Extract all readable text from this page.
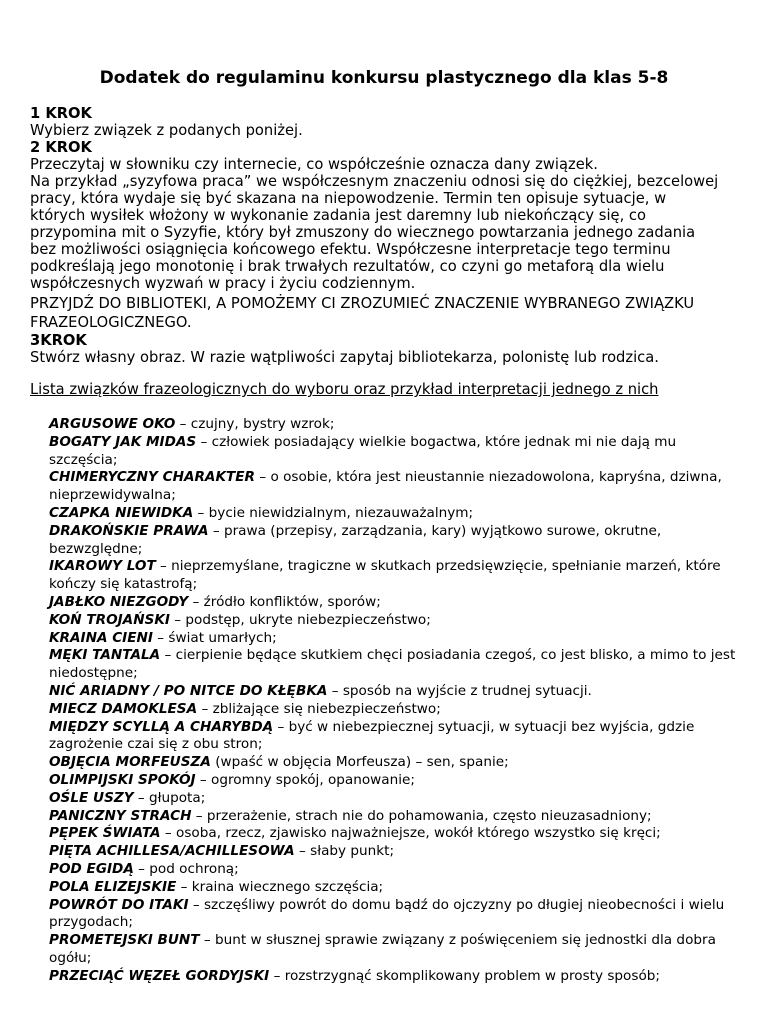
Dodatek do regulaminu konkursu plastycznego dla klas 5-8

1 KROK

Wybierz związek z podanych poniżej.

2 KROK

Przeczytaj w słowniku czy internecie, co współcześnie oznacza dany związek.

Na przykład „syzyfowa praca” we współczesnym znaczeniu odnosi się do ciężkiej, bezcelowej pracy, która wydaje się być skazana na niepowodzenie. Termin ten opisuje sytuacje, w których wysiłek włożony w wykonanie zadania jest daremny lub niekończący się, co przypomina mit o Syzyfie, który był zmuszony do wiecznego powtarzania jednego zadania bez możliwości osiągnięcia końcowego efektu. Współczesne interpretacje tego terminu podkreślają jego monotonię i brak trwałych rezultatów, co czyni go metaforą dla wielu współczesnych wyzwań w pracy i życiu codziennym.

PRZYJDŹ DO BIBLIOTEKI, A POMOŻEMY CI ZROZUMIEĆ ZNACZENIE WYBRANEGO ZWIĄZKU FRAZEOLOGICZNEGO.

3KROK

Stwórz własny obraz. W razie wątpliwości zapytaj bibliotekarza, polonistę lub rodzica.

Lista związków frazeologicznych do wyboru oraz przykład interpretacji jednego z nich

ARGUSOWE OKO – czujny, bystry wzrok;
BOGATY JAK MIDAS – człowiek posiadający wielkie bogactwa, które jednak mi nie dają mu szczęścia;
CHIMERYCZNY CHARAKTER – o osobie, która jest nieustannie niezadowolona, kapryśna, dziwna, nieprzewidywalna;
CZAPKA NIEWIDKA – bycie niewidzialnym, niezauważalnym;
DRAKOŃSKIE PRAWA – prawa (przepisy, zarządzania, kary) wyjątkowo surowe, okrutne, bezwzględne;
IKAROWY LOT – nieprzemyślane, tragiczne w skutkach przedsięwzięcie, spełnianie marzeń, które kończy się katastrofą;
JABŁKO NIEZGODY – źródło konfliktów, sporów;
KOŃ TROJAŃSKI – podstęp, ukryte niebezpieczeństwo;
KRAINA CIENI – świat umarłych;
MĘKI TANTALA – cierpienie będące skutkiem chęci posiadania czegoś, co jest blisko, a mimo to jest niedostępne;
NIĆ ARIADNY / PO NITCE DO KŁĘBKA – sposób na wyjście z trudnej sytuacji.
MIECZ DAMOKLESA – zbliżające się niebezpieczeństwo;
MIĘDZY SCYLLĄ A CHARYBDĄ – być w niebezpiecznej sytuacji, w sytuacji bez wyjścia, gdzie zagrożenie czai się z obu stron;
OBJĘCIA MORFEUSZA (wpaść w objęcia Morfeusza) – sen, spanie;
OLIMPIJSKI SPOKÓJ – ogromny spokój, opanowanie;
OŚLE USZY – głupota;
PANICZNY STRACH – przerażenie, strach nie do pohamowania, często nieuzasadniony;
PĘPEK ŚWIATA – osoba, rzecz, zjawisko najważniejsze, wokół którego wszystko się kręci;
PIĘTA ACHILLESA/ACHILLESOWA – słaby punkt;
POD EGIDĄ – pod ochroną;
POLA ELIZEJSKIE – kraina wiecznego szczęścia;
POWRÓT DO ITAKI – szczęśliwy powrót do domu bądź do ojczyzny po długiej nieobecności i wielu przygodach;
PROMETEJSKI BUNT – bunt w słusznej sprawie związany z poświęceniem się jednostki dla dobra ogółu;
PRZECIĄĆ WĘZEŁ GORDYJSKI – rozstrzygnąć skomplikowany problem w prosty sposób;
